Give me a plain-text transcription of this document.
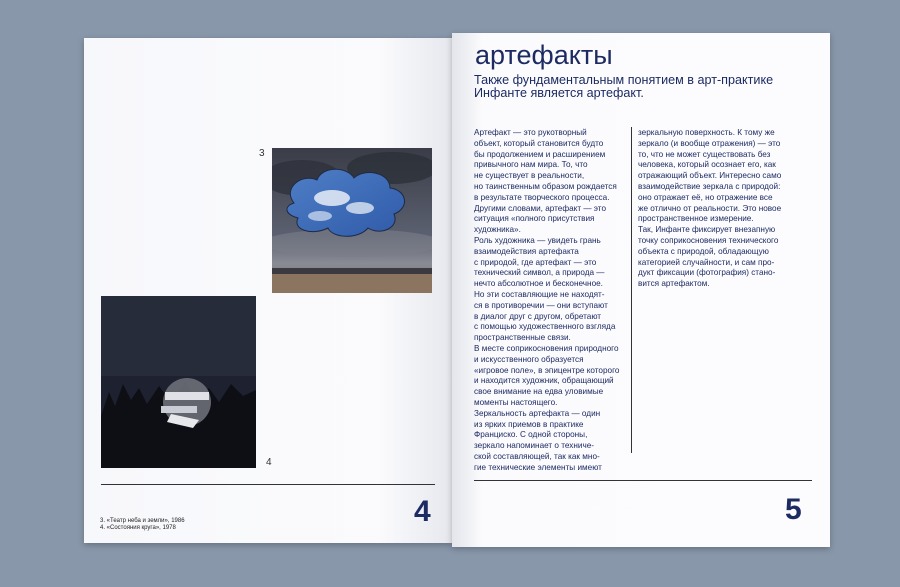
3
4
4
3. «Театр неба и земли», 1986
4. «Состояния круга», 1978
артефакты
Также фундаментальным понятием в арт-практике Инфанте является артефакт.
Артефакт — это рукотворный
объект, который становится будто
бы продолжением и расширением
привычного нам мира. То, что
не существует в реальности,
но таинственным образом рождается
в результате творческого процесса.
Другими словами, артефакт — это
ситуация «полного присутствия
художника».
Роль художника — увидеть грань
взаимодействия артефакта
с природой, где артефакт — это
технический символ, а природа —
нечто абсолютное и бесконечное.
Но эти составляющие не находят-
ся в противоречии — они вступают
в диалог друг с другом, обретают
с помощью художественного взгляда
пространственные связи.
В месте соприкосновения природного
и искусственного образуется
«игровое поле», в эпицентре которого
и находится художник, обращающий
свое внимание на едва уловимые
моменты настоящего.
Зеркальность артефакта — один
из ярких приемов в практике
Франциско. С одной стороны,
зеркало напоминает о техниче-
ской составляющей, так как мно-
гие технические элементы имеют
зеркальную поверхность. К тому же
зеркало (и вообще отражения) — это
то, что не может существовать без
человека, который осознает его, как
отражающий объект. Интересно само
взаимодействие зеркала с природой:
оно отражает её, но отражение все
же отлично от реальности. Это новое
пространственное измерение.
Так, Инфанте фиксирует внезапную
точку соприкосновения технического
объекта с природой, обладающую
категорией случайности, и сам про-
дукт фиксации (фотография) стано-
вится артефактом.
5
